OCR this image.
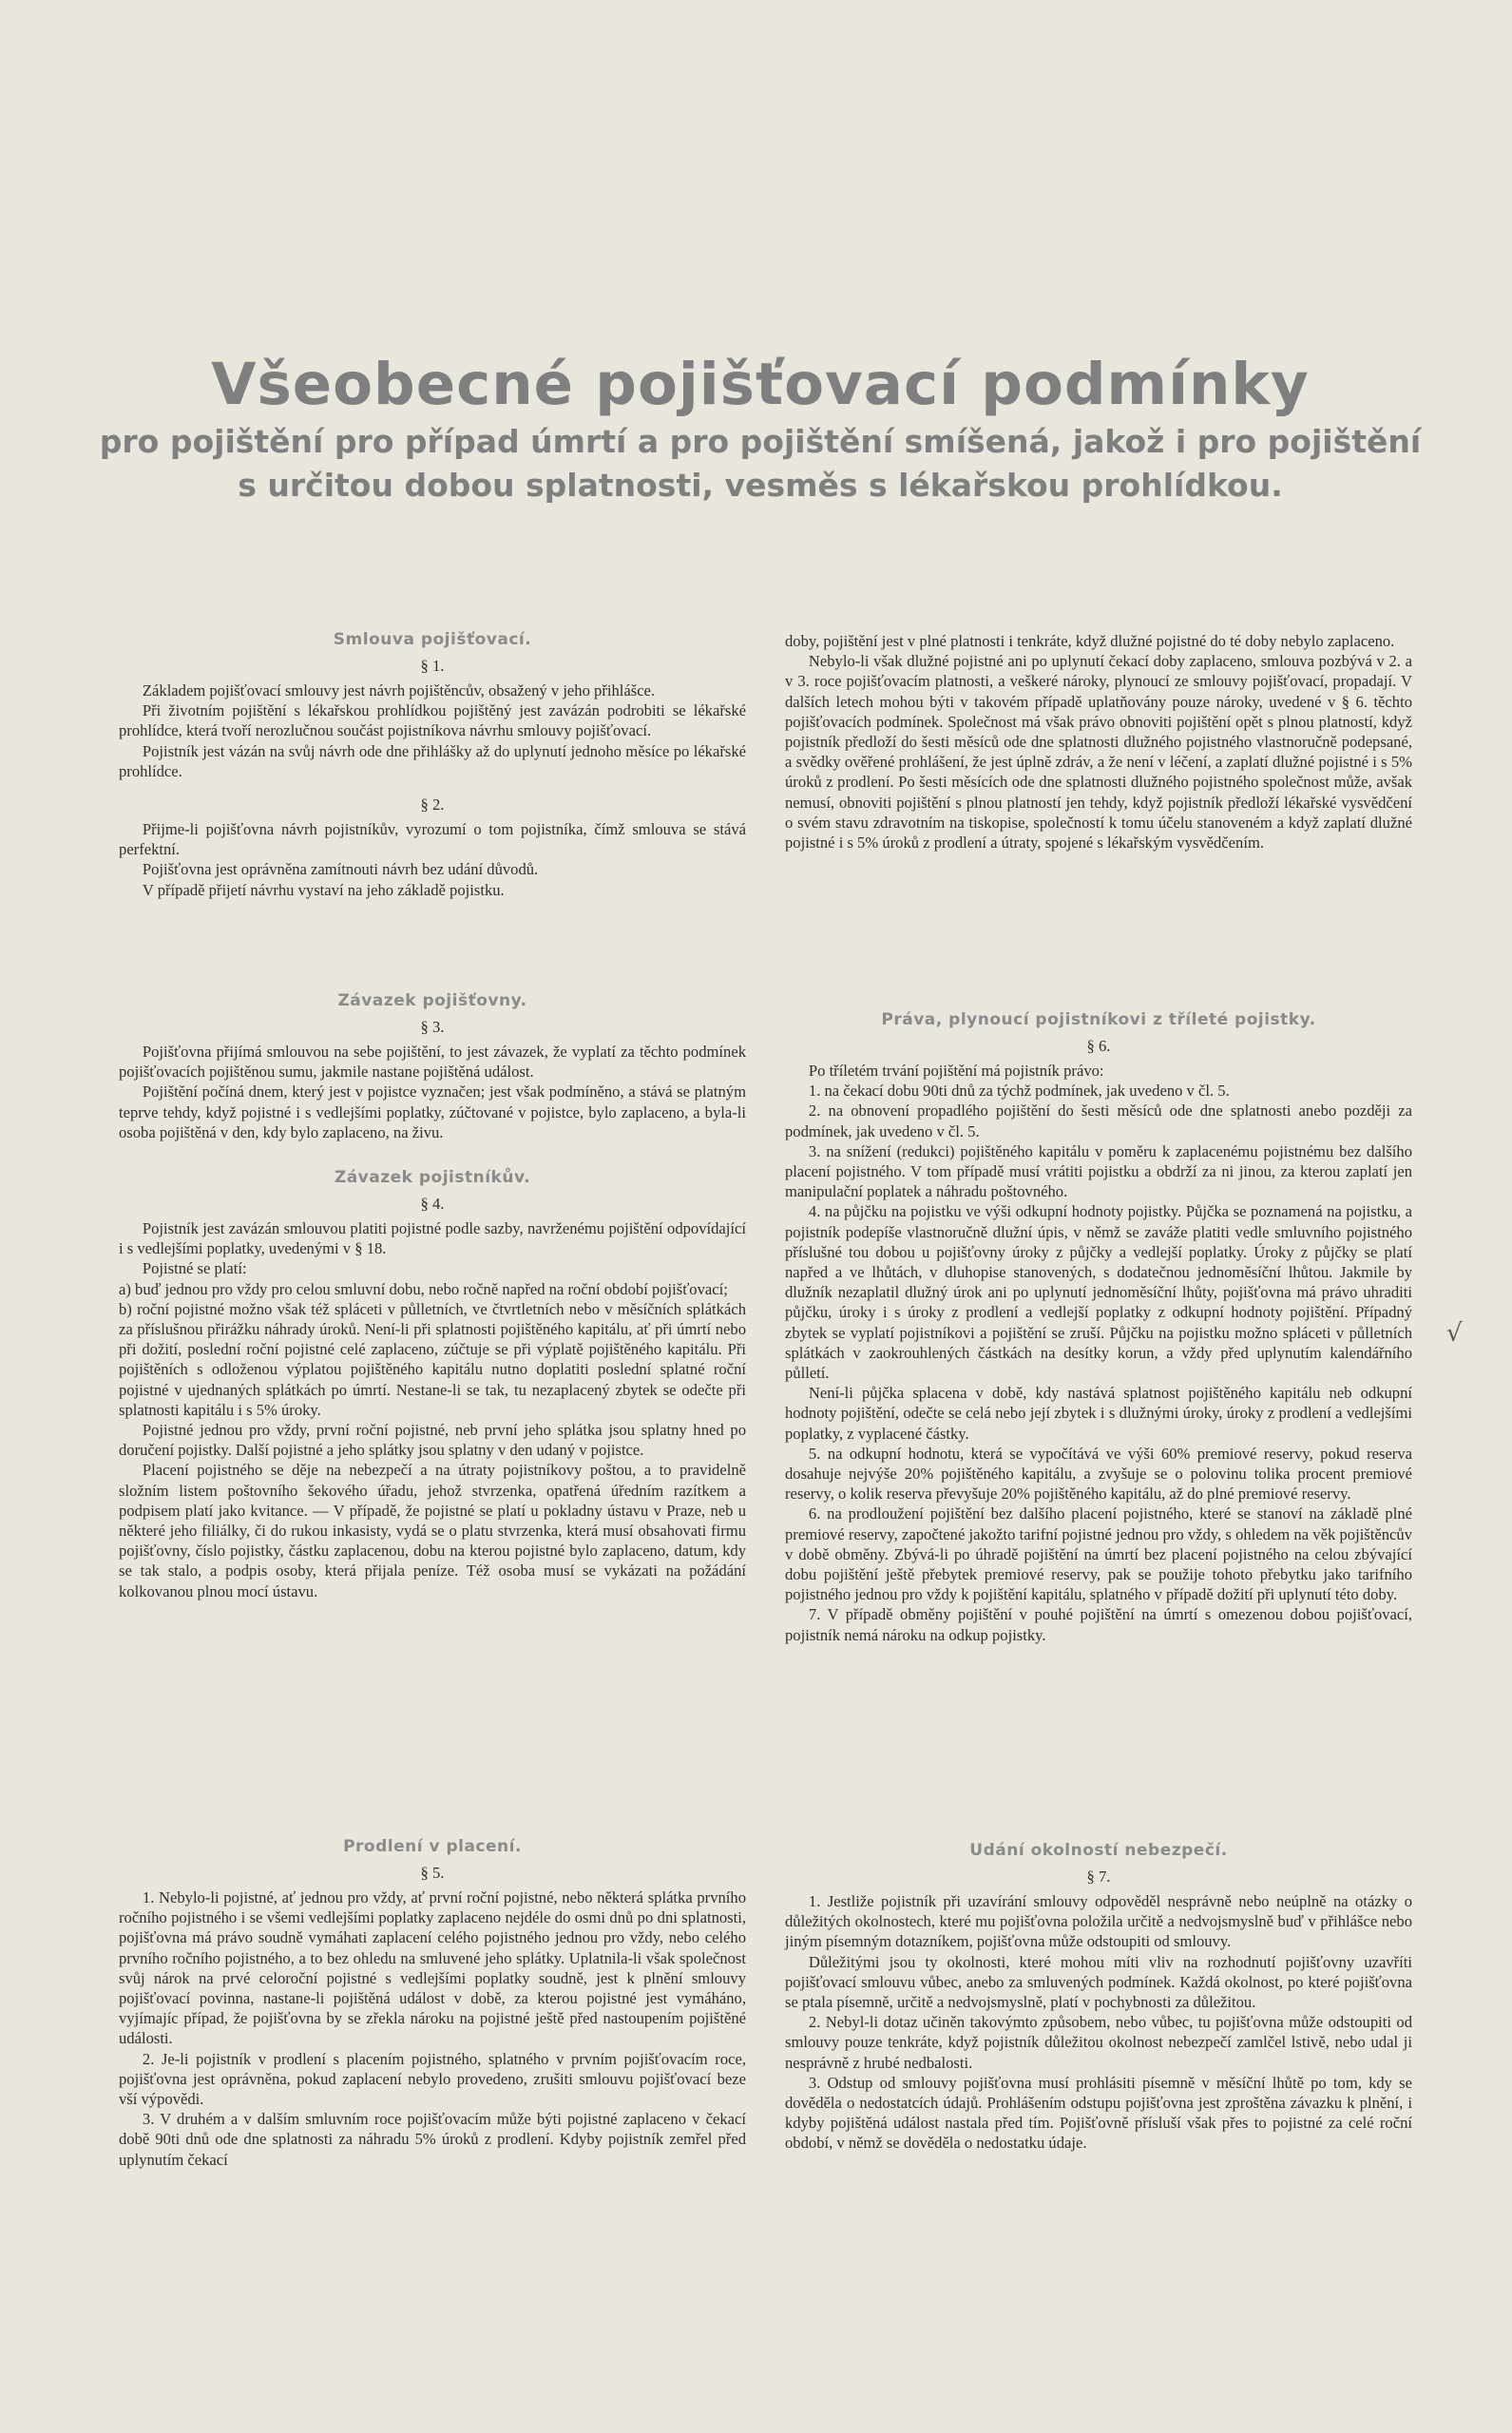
Všeobecné pojišťovací podmínky
pro pojištění pro případ úmrtí a pro pojištění smíšená, jakož i pro pojištění s určitou dobou splatnosti, vesměs s lékařskou prohlídkou.
Smlouva pojišťovací.
§ 1.

Základem pojišťovací smlouvy jest návrh pojištěncův, obsažený v jeho přihlášce.

Při životním pojištění s lékařskou prohlídkou pojištěný jest zavázán podrobiti se lékařské prohlídce, která tvoří nerozlučnou součást pojistníkova návrhu smlouvy pojišťovací.

Pojistník jest vázán na svůj návrh ode dne přihlášky až do uplynutí jednoho měsíce po lékařské prohlídce.

§ 2.

Přijme-li pojišťovna návrh pojistníkův, vyrozumí o tom pojistníka, čímž smlouva se stává perfektní.

Pojišťovna jest oprávněna zamítnouti návrh bez udání důvodů.

V případě přijetí návrhu vystaví na jeho základě pojistku.

Závazek pojišťovny.
§ 3.

Pojišťovna přijímá smlouvou na sebe pojištění, to jest závazek, že vyplatí za těchto podmínek pojišťovacích pojištěnou sumu, jakmile nastane pojištěná událost.

Pojištění počíná dnem, který jest v pojistce vyznačen; jest však podmíněno, a stává se platným teprve tehdy, když pojistné i s vedlejšími poplatky, zúčtované v pojistce, bylo zaplaceno, a byla-li osoba pojištěná v den, kdy bylo zaplaceno, na živu.

Závazek pojistníkův.
§ 4.

Pojistník jest zavázán smlouvou platiti pojistné podle sazby, navrženému pojištění odpovídající i s vedlejšími poplatky, uvedenými v § 18.

Pojistné se platí:

a) buď jednou pro vždy pro celou smluvní dobu, nebo ročně napřed na roční období pojišťovací;

b) roční pojistné možno však též spláceti v půlletních, ve čtvrtletních nebo v měsíčních splátkách za příslušnou přirážku náhrady úroků. Není-li při splatnosti pojištěného kapitálu, ať při úmrtí nebo při dožití, poslední roční pojistné celé zaplaceno, zúčtuje se při výplatě pojištěného kapitálu. Při pojištěních s odloženou výplatou pojištěného kapitálu nutno doplatiti poslední splatné roční pojistné v ujednaných splátkách po úmrtí. Nestane-li se tak, tu nezaplacený zbytek se odečte při splatnosti kapitálu i s 5% úroky.

Pojistné jednou pro vždy, první roční pojistné, neb první jeho splátka jsou splatny hned po doručení pojistky. Další pojistné a jeho splátky jsou splatny v den udaný v pojistce.

Placení pojistného se děje na nebezpečí a na útraty pojistníkovy poštou, a to pravidelně složním listem poštovního šekového úřadu, jehož stvrzenka, opatřená úředním razítkem a podpisem platí jako kvitance. — V případě, že pojistné se platí u pokladny ústavu v Praze, neb u některé jeho filiálky, či do rukou inkasisty, vydá se o platu stvrzenka, která musí obsahovati firmu pojišťovny, číslo pojistky, částku zaplacenou, dobu na kterou pojistné bylo zaplaceno, datum, kdy se tak stalo, a podpis osoby, která přijala peníze. Též osoba musí se vykázati na požádání kolkovanou plnou mocí ústavu.

Prodlení v placení.
§ 5.

1. Nebylo-li pojistné, ať jednou pro vždy, ať první roční pojistné, nebo některá splátka prvního ročního pojistného i se všemi vedlejšími poplatky zaplaceno nejdéle do osmi dnů po dni splatnosti, pojišťovna má právo soudně vymáhati zaplacení celého pojistného jednou pro vždy, nebo celého prvního ročního pojistného, a to bez ohledu na smluvené jeho splátky. Uplatnila-li však společnost svůj nárok na prvé celoroční pojistné s vedlejšími poplatky soudně, jest k plnění smlouvy pojišťovací povinna, nastane-li pojištěná událost v době, za kterou pojistné jest vymáháno, vyjímajíc případ, že pojišťovna by se zřekla nároku na pojistné ještě před nastoupením pojištěné události.

2. Je-li pojistník v prodlení s placením pojistného, splatného v prvním pojišťovacím roce, pojišťovna jest oprávněna, pokud zaplacení nebylo provedeno, zrušiti smlouvu pojišťovací beze vší výpovědi.

3. V druhém a v dalším smluvním roce pojišťovacím může býti pojistné zaplaceno v čekací době 90ti dnů ode dne splatnosti za náhradu 5% úroků z prodlení. Kdyby pojistník zemřel před uplynutím čekací

doby, pojištění jest v plné platnosti i tenkráte, když dlužné pojistné do té doby nebylo zaplaceno.

Nebylo-li však dlužné pojistné ani po uplynutí čekací doby zaplaceno, smlouva pozbývá v 2. a v 3. roce pojišťovacím platnosti, a veškeré nároky, plynoucí ze smlouvy pojišťovací, propadají. V dalších letech mohou býti v takovém případě uplatňovány pouze nároky, uvedené v § 6. těchto pojišťovacích podmínek. Společnost má však právo obnoviti pojištění opět s plnou platností, když pojistník předloží do šesti měsíců ode dne splatnosti dlužného pojistného vlastnoručně podepsané, a svědky ověřené prohlášení, že jest úplně zdráv, a že není v léčení, a zaplatí dlužné pojistné i s 5% úroků z prodlení. Po šesti měsících ode dne splatnosti dlužného pojistného společnost může, avšak nemusí, obnoviti pojištění s plnou platností jen tehdy, když pojistník předloží lékařské vysvědčení o svém stavu zdravotním na tiskopise, společností k tomu účelu stanoveném a když zaplatí dlužné pojistné i s 5% úroků z prodlení a útraty, spojené s lékařským vysvědčením.

Práva, plynoucí pojistníkovi z tříleté pojistky.
§ 6.

Po tříletém trvání pojištění má pojistník právo:

1. na čekací dobu 90ti dnů za týchž podmínek, jak uvedeno v čl. 5.

2. na obnovení propadlého pojištění do šesti měsíců ode dne splatnosti anebo později za podmínek, jak uvedeno v čl. 5.

3. na snížení (redukci) pojištěného kapitálu v poměru k zaplacenému pojistnému bez dalšího placení pojistného. V tom případě musí vrátiti pojistku a obdrží za ni jinou, za kterou zaplatí jen manipulační poplatek a náhradu poštovného.

4. na půjčku na pojistku ve výši odkupní hodnoty pojistky. Půjčka se poznamená na pojistku, a pojistník podepíše vlastnoručně dlužní úpis, v němž se zaváže platiti vedle smluvního pojistného příslušné tou dobou u pojišťovny úroky z půjčky a vedlejší poplatky. Úroky z půjčky se platí napřed a ve lhůtách, v dluhopise stanovených, s dodatečnou jednoměsíční lhůtou. Jakmile by dlužník nezaplatil dlužný úrok ani po uplynutí jednoměsíční lhůty, pojišťovna má právo uhraditi půjčku, úroky i s úroky z prodlení a vedlejší poplatky z odkupní hodnoty pojištění. Případný zbytek se vyplatí pojistníkovi a pojištění se zruší. Půjčku na pojistku možno spláceti v půlletních splátkách v zaokrouhlených částkách na desítky korun, a vždy před uplynutím kalendářního půlletí.

Není-li půjčka splacena v době, kdy nastává splatnost pojištěného kapitálu neb odkupní hodnoty pojištění, odečte se celá nebo její zbytek i s dlužnými úroky, úroky z prodlení a vedlejšími poplatky, z vyplacené částky.

5. na odkupní hodnotu, která se vypočítává ve výši 60% premiové reservy, pokud reserva dosahuje nejvýše 20% pojištěného kapitálu, a zvyšuje se o polovinu tolika procent premiové reservy, o kolik reserva převyšuje 20% pojištěného kapitálu, až do plné premiové reservy.

6. na prodloužení pojištění bez dalšího placení pojistného, které se stanoví na základě plné premiové reservy, započtené jakožto tarifní pojistné jednou pro vždy, s ohledem na věk pojištěncův v době obměny. Zbývá-li po úhradě pojištění na úmrtí bez placení pojistného na celou zbývající dobu pojištění ještě přebytek premiové reservy, pak se použije tohoto přebytku jako tarifního pojistného jednou pro vždy k pojištění kapitálu, splatného v případě dožití při uplynutí této doby.

7. V případě obměny pojištění v pouhé pojištění na úmrtí s omezenou dobou pojišťovací, pojistník nemá nároku na odkup pojistky.

Udání okolností nebezpečí.
§ 7.

1. Jestliže pojistník při uzavírání smlouvy odpověděl nesprávně nebo neúplně na otázky o důležitých okolnostech, které mu pojišťovna položila určitě a nedvojsmyslně buď v přihlášce nebo jiným písemným dotazníkem, pojišťovna může odstoupiti od smlouvy.

Důležitými jsou ty okolnosti, které mohou míti vliv na rozhodnutí pojišťovny uzavříti pojišťovací smlouvu vůbec, anebo za smluvených podmínek. Každá okolnost, po které pojišťovna se ptala písemně, určitě a nedvojsmyslně, platí v pochybnosti za důležitou.

2. Nebyl-li dotaz učiněn takovýmto způsobem, nebo vůbec, tu pojišťovna může odstoupiti od smlouvy pouze tenkráte, když pojistník důležitou okolnost nebezpečí zamlčel lstivě, nebo udal ji nesprávně z hrubé nedbalosti.

3. Odstup od smlouvy pojišťovna musí prohlásiti písemně v měsíční lhůtě po tom, kdy se dověděla o nedostatcích údajů. Prohlášením odstupu pojišťovna jest zproštěna závazku k plnění, i kdyby pojištěná událost nastala před tím. Pojišťovně přísluší však přes to pojistné za celé roční období, v němž se dověděla o nedostatku údaje.

√
